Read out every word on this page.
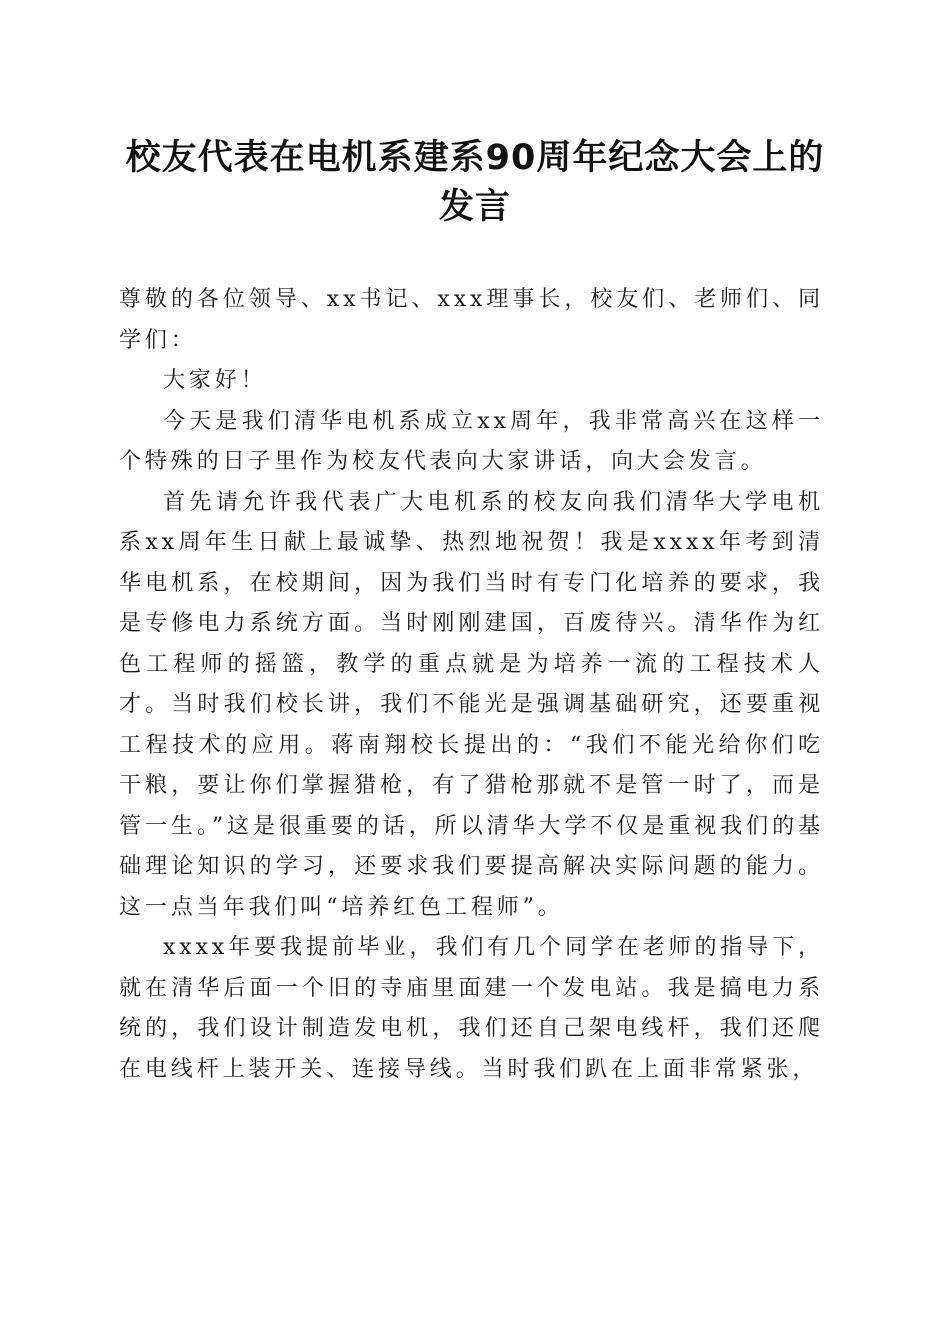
校友代表在电机系建系90周年纪念大会上的发言

尊敬的各位领导、xx书记、xxx理事长，校友们、老师们、同学们：

大家好！

今天是我们清华电机系成立xx周年，我非常高兴在这样一个特殊的日子里作为校友代表向大家讲话，向大会发言。

首先请允许我代表广大电机系的校友向我们清华大学电机系xx周年生日献上最诚挚、热烈地祝贺！我是xxxx年考到清华电机系，在校期间，因为我们当时有专门化培养的要求，我是专修电力系统方面。当时刚刚建国，百废待兴。清华作为红色工程师的摇篮，教学的重点就是为培养一流的工程技术人才。当时我们校长讲，我们不能光是强调基础研究，还要重视工程技术的应用。蒋南翔校长提出的：“我们不能光给你们吃干粮，要让你们掌握猎枪，有了猎枪那就不是管一时了，而是管一生。”这是很重要的话，所以清华大学不仅是重视我们的基础理论知识的学习，还要求我们要提高解决实际问题的能力。这一点当年我们叫“培养红色工程师”。

xxxx年要我提前毕业，我们有几个同学在老师的指导下，就在清华后面一个旧的寺庙里面建一个发电站。我是搞电力系统的，我们设计制造发电机，我们还自己架电线杆，我们还爬在电线杆上装开关、连接导线。当时我们趴在上面非常紧张，
